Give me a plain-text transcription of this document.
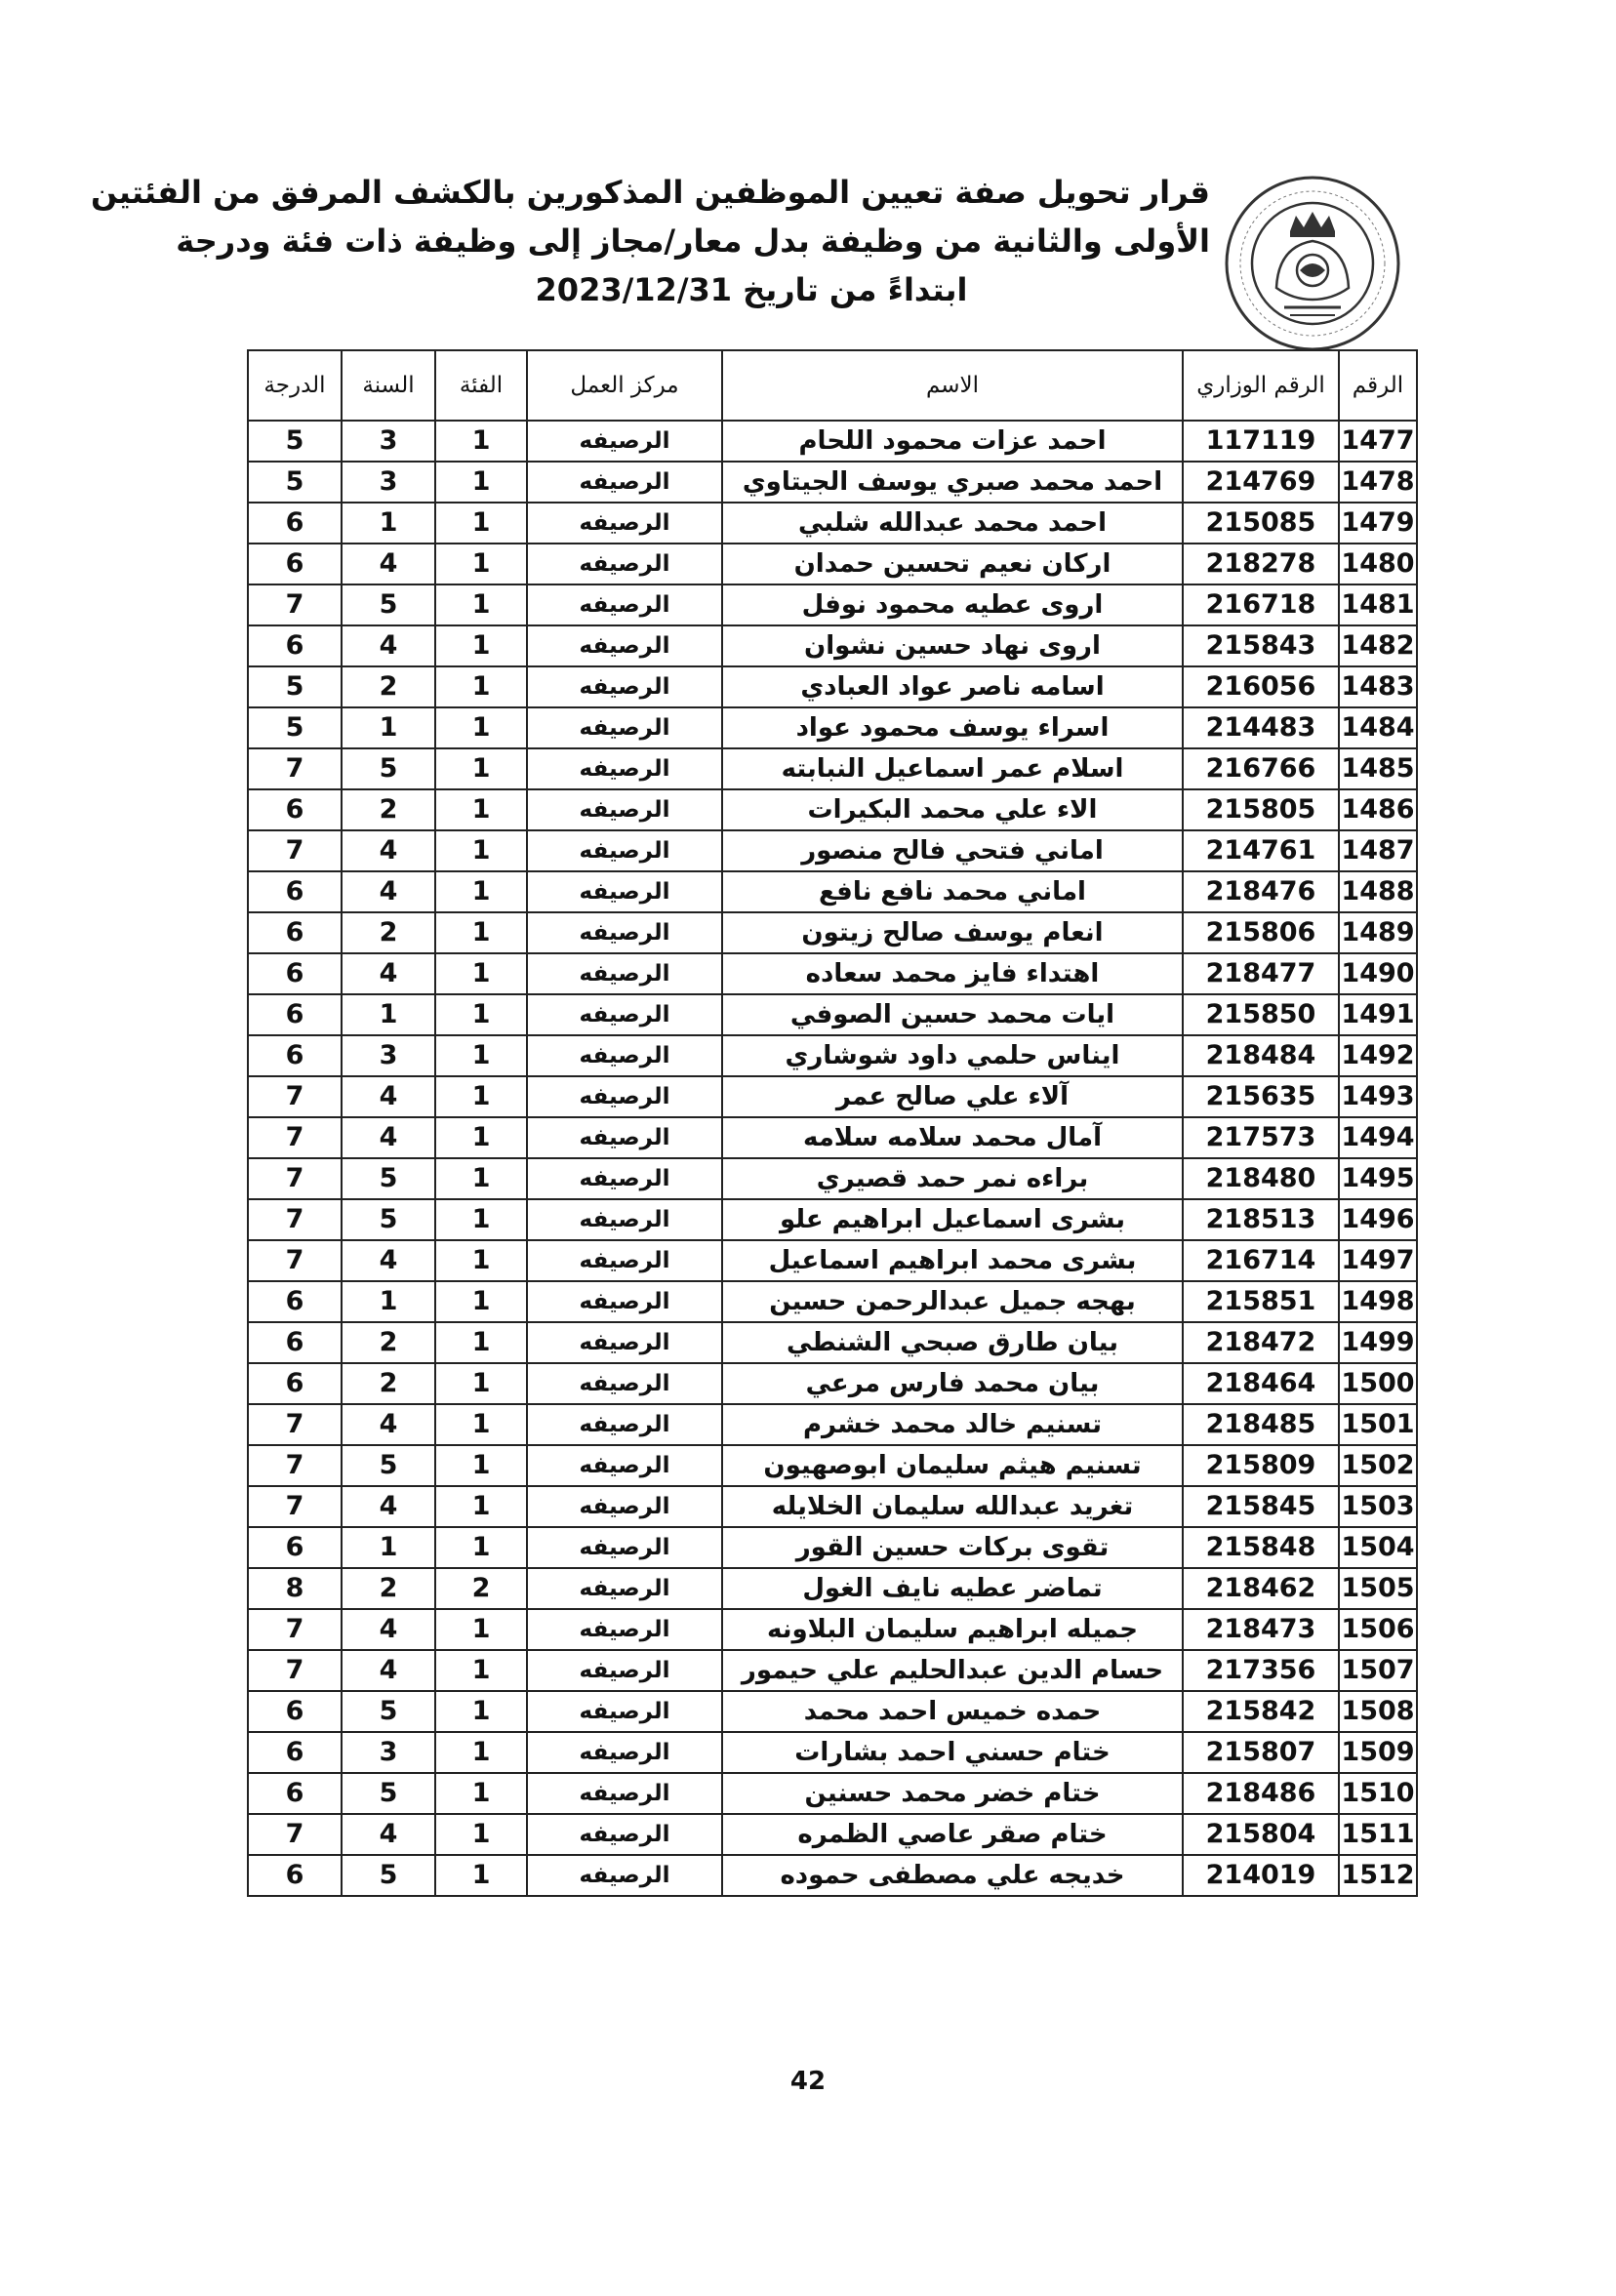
قرار تحويل صفة تعيين الموظفين المذكورين بالكشف المرفق من الفئتين
الأولى والثانية من وظيفة بدل معار/مجاز إلى وظيفة ذات فئة ودرجة
ابتداءً من تاريخ 2023/12/31
الرقم	الرقم الوزاري	الاسم	مركز العمل	الفئة	السنة	الدرجة
1477	117119	احمد عزات محمود اللحام	الرصيفه	1	3	5
1478	214769	احمد محمد صبري يوسف الجيتاوي	الرصيفه	1	3	5
1479	215085	احمد محمد عبدالله شلبي	الرصيفه	1	1	6
1480	218278	اركان نعيم تحسين حمدان	الرصيفه	1	4	6
1481	216718	اروى عطيه محمود نوفل	الرصيفه	1	5	7
1482	215843	اروى نهاد حسين نشوان	الرصيفه	1	4	6
1483	216056	اسامه ناصر عواد العبادي	الرصيفه	1	2	5
1484	214483	اسراء يوسف محمود عواد	الرصيفه	1	1	5
1485	216766	اسلام عمر اسماعيل النبابته	الرصيفه	1	5	7
1486	215805	الاء علي محمد البكيرات	الرصيفه	1	2	6
1487	214761	اماني فتحي فالح منصور	الرصيفه	1	4	7
1488	218476	اماني محمد نافع نافع	الرصيفه	1	4	6
1489	215806	انعام يوسف صالح زيتون	الرصيفه	1	2	6
1490	218477	اهتداء فايز محمد سعاده	الرصيفه	1	4	6
1491	215850	ايات محمد حسين الصوفي	الرصيفه	1	1	6
1492	218484	ايناس حلمي داود شوشاري	الرصيفه	1	3	6
1493	215635	آلاء علي صالح عمر	الرصيفه	1	4	7
1494	217573	آمال محمد سلامه سلامه	الرصيفه	1	4	7
1495	218480	براءه نمر حمد قصيري	الرصيفه	1	5	7
1496	218513	بشرى اسماعيل ابراهيم علو	الرصيفه	1	5	7
1497	216714	بشرى محمد ابراهيم اسماعيل	الرصيفه	1	4	7
1498	215851	بهجه جميل عبدالرحمن حسين	الرصيفه	1	1	6
1499	218472	بيان طارق صبحي الشنطي	الرصيفه	1	2	6
1500	218464	بيان محمد فارس مرعي	الرصيفه	1	2	6
1501	218485	تسنيم خالد محمد خشرم	الرصيفه	1	4	7
1502	215809	تسنيم هيثم سليمان ابوصهيون	الرصيفه	1	5	7
1503	215845	تغريد عبدالله سليمان الخلايله	الرصيفه	1	4	7
1504	215848	تقوى بركات حسين القور	الرصيفه	1	1	6
1505	218462	تماضر عطيه نايف الغول	الرصيفه	2	2	8
1506	218473	جميله ابراهيم سليمان البلاونه	الرصيفه	1	4	7
1507	217356	حسام الدين عبدالحليم علي حيمور	الرصيفه	1	4	7
1508	215842	حمده خميس احمد محمد	الرصيفه	1	5	6
1509	215807	ختام حسني احمد بشارات	الرصيفه	1	3	6
1510	218486	ختام خضر محمد حسنين	الرصيفه	1	5	6
1511	215804	ختام صقر عاصي الظمره	الرصيفه	1	4	7
1512	214019	خديجه علي مصطفى حموده	الرصيفه	1	5	6
42
